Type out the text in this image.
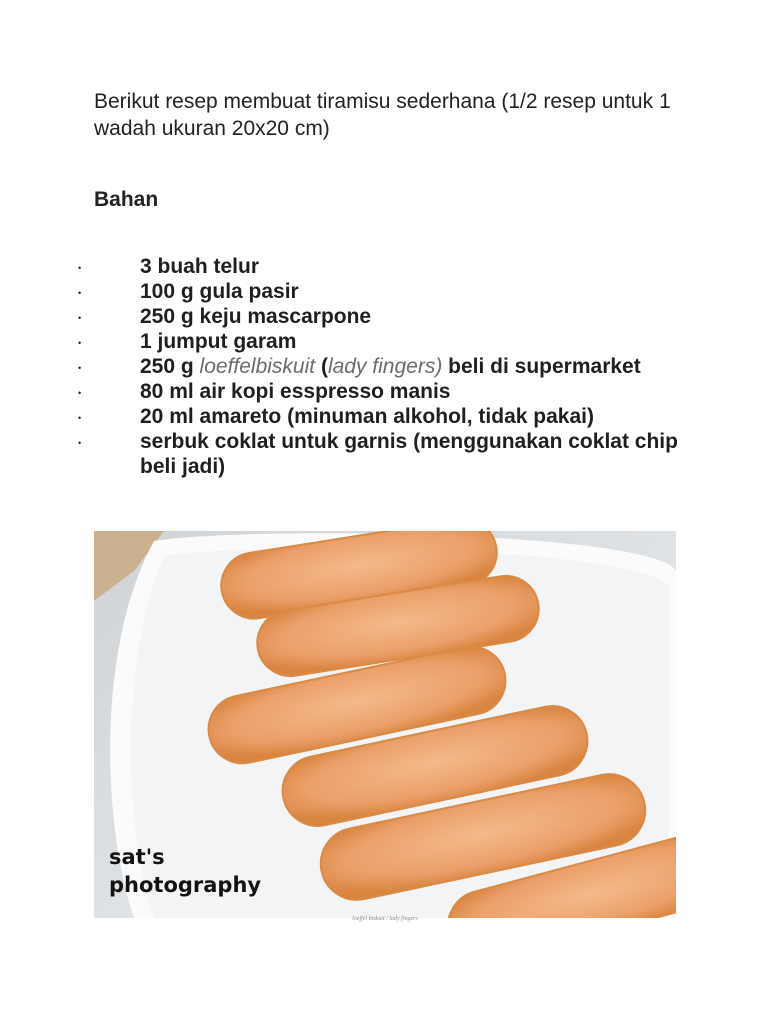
Berikut resep membuat tiramisu sederhana (1/2 resep untuk 1 wadah ukuran 20x20 cm)
Bahan
•	3 buah telur
•	100 g gula pasir
•	250 g keju mascarpone
•	1 jumput garam
•	250 g loeffelbiskuit (lady fingers) beli di supermarket
•	80 ml air kopi esspresso manis
•	20 ml amareto (minuman alkohol, tidak pakai)
•	serbuk coklat untuk garnis (menggunakan coklat chip beli jadi)
sat's
photography
loeffel biskuit / lady fingers
